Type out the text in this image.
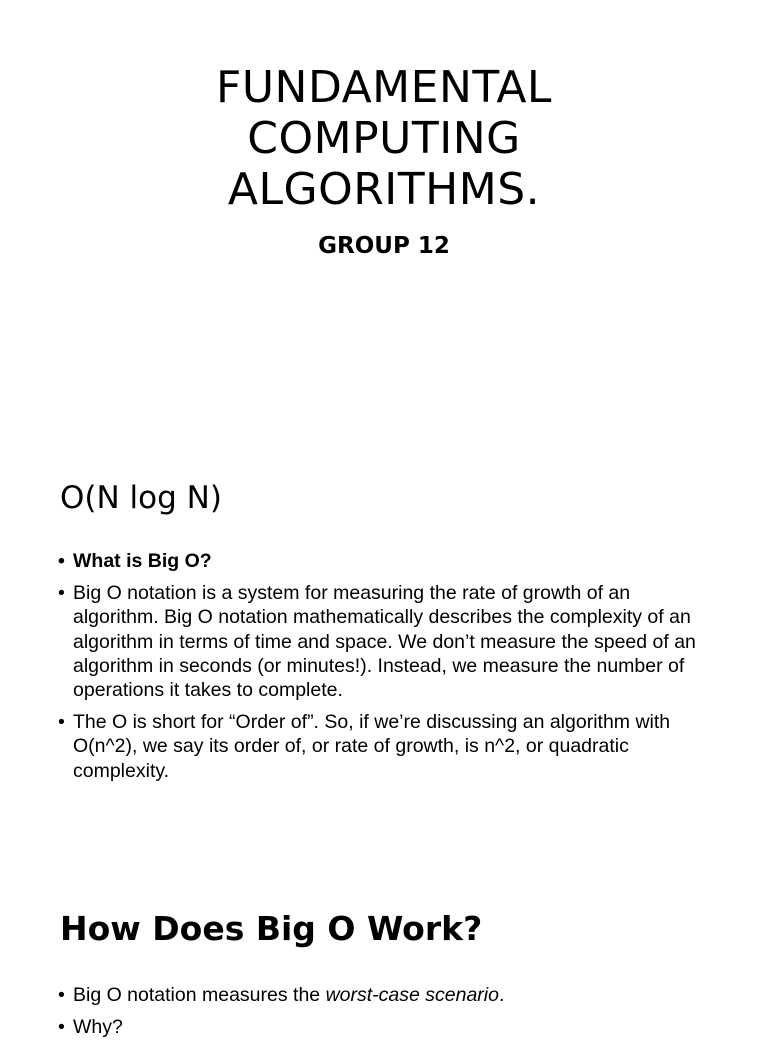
FUNDAMENTAL
COMPUTING
ALGORITHMS.
GROUP 12
O(N log N)
• What is Big O?
• Big O notation is a system for measuring the rate of growth of an algorithm. Big O notation mathematically describes the complexity of an algorithm in terms of time and space. We don’t measure the speed of an algorithm in seconds (or minutes!). Instead, we measure the number of operations it takes to complete.
• The O is short for “Order of”. So, if we’re discussing an algorithm with O(n^2), we say its order of, or rate of growth, is n^2, or quadratic complexity.
How Does Big O Work?
• Big O notation measures the worst-case scenario.
• Why?
